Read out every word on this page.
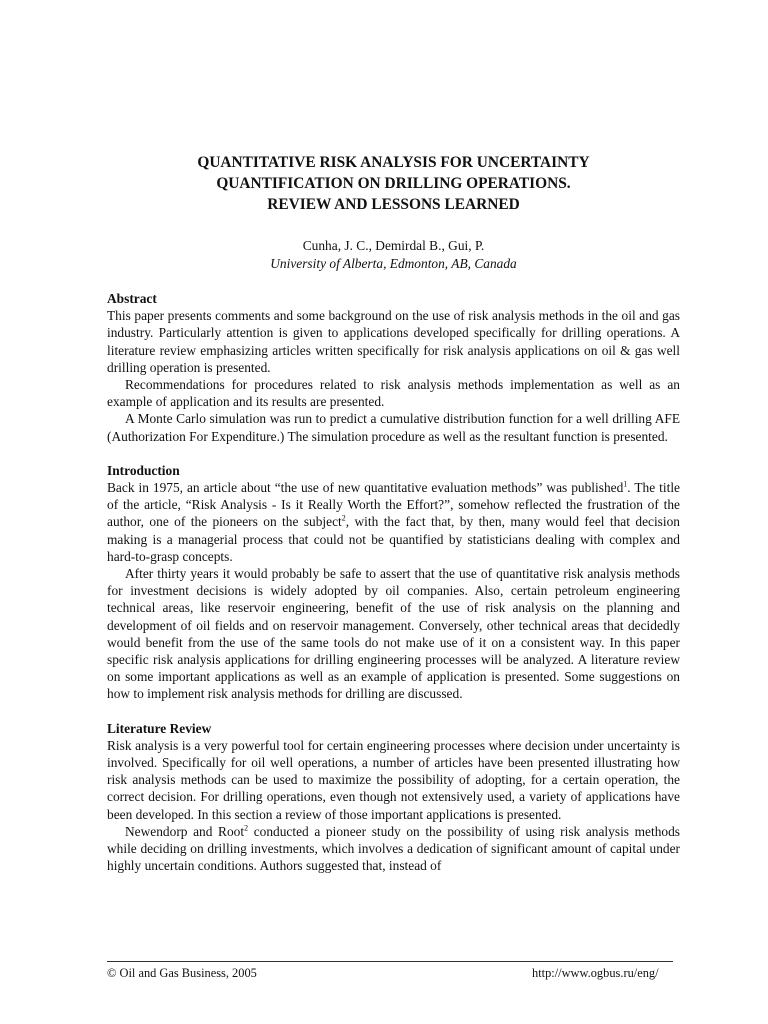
QUANTITATIVE RISK ANALYSIS FOR UNCERTAINTY

QUANTIFICATION ON DRILLING OPERATIONS.

REVIEW AND LESSONS LEARNED

Cunha, J. C., Demirdal B., Gui, P.
University of Alberta, Edmonton, AB, Canada
Abstract

This paper presents comments and some background on the use of risk analysis methods in the oil and gas industry. Particularly attention is given to applications developed specifically for drilling operations. A literature review emphasizing articles written specifically for risk analysis applications on oil & gas well drilling operation is presented.

Recommendations for procedures related to risk analysis methods implementation as well as an example of application and its results are presented.

A Monte Carlo simulation was run to predict a cumulative distribution function for a well drilling AFE (Authorization For Expenditure.) The simulation procedure as well as the resultant function is presented.

Introduction

Back in 1975, an article about “the use of new quantitative evaluation methods” was published$^1$. The title of the article, “Risk Analysis - Is it Really Worth the Effort?”, somehow reflected the frustration of the author, one of the pioneers on the subject$^2$, with the fact that, by then, many would feel that decision making is a managerial process that could not be quantified by statisticians dealing with complex and hard-to-grasp concepts.

After thirty years it would probably be safe to assert that the use of quantitative risk analysis methods for investment decisions is widely adopted by oil companies. Also, certain petroleum engineering technical areas, like reservoir engineering, benefit of the use of risk analysis on the planning and development of oil fields and on reservoir management. Conversely, other technical areas that decidedly would benefit from the use of the same tools do not make use of it on a consistent way. In this paper specific risk analysis applications for drilling engineering processes will be analyzed. A literature review on some important applications as well as an example of application is presented. Some suggestions on how to implement risk analysis methods for drilling are discussed.

Literature Review

Risk analysis is a very powerful tool for certain engineering processes where decision under uncertainty is involved. Specifically for oil well operations, a number of articles have been presented illustrating how risk analysis methods can be used to maximize the possibility of adopting, for a certain operation, the correct decision. For drilling operations, even though not extensively used, a variety of applications have been developed. In this section a review of those important applications is presented.

Newendorp and Root$^2$ conducted a pioneer study on the possibility of using risk analysis methods while deciding on drilling investments, which involves a dedication of significant amount of capital under highly uncertain conditions. Authors suggested that, instead of

© Oil and Gas Business, 2005	http://www.ogbus.ru/eng/
